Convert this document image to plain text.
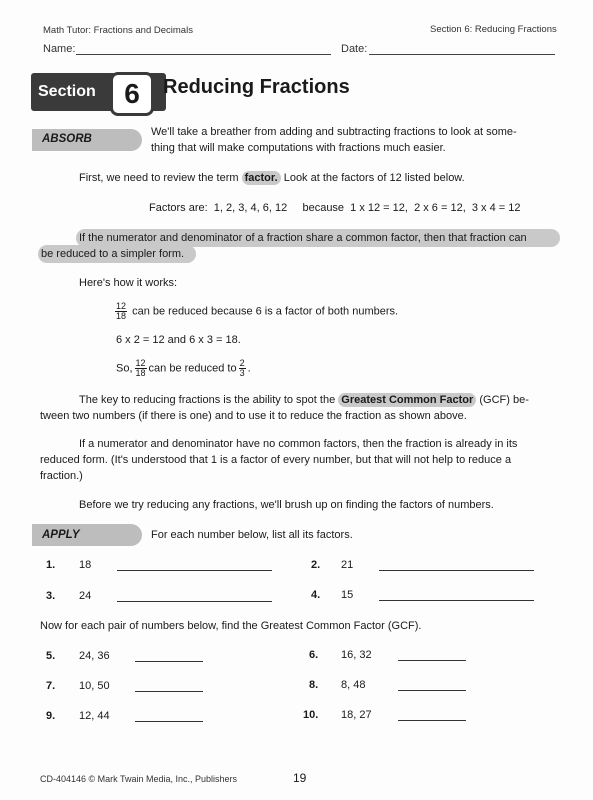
Math Tutor: Fractions and Decimals	Section 6: Reducing Fractions
Name:	Date:
Section	6	Reducing Fractions
ABSORB
We'll take a breather from adding and subtracting fractions to look at some-
thing that will make computations with fractions much easier.
First, we need to review the term factor. Look at the factors of 12 listed below.
Factors are:  1, 2, 3, 4, 6, 12     because  1 x 12 = 12,  2 x 6 = 12,  3 x 4 = 12
If the numerator and denominator of a fraction share a common factor, then that fraction can
be reduced to a simpler form.
Here's how it works:
$\frac{12}{18}$ can be reduced because 6 is a factor of both numbers.
6 x 2 = 12 and 6 x 3 = 18.
So, $\frac{12}{18}$ can be reduced to $\frac{2}{3}$ .
The key to reducing fractions is the ability to spot the Greatest Common Factor (GCF) be-
tween two numbers (if there is one) and to use it to reduce the fraction as shown above.
If a numerator and denominator have no common factors, then the fraction is already in its
reduced form. (It's understood that 1 is a factor of every number, but that will not help to reduce a
fraction.)
Before we try reducing any fractions, we'll brush up on finding the factors of numbers.
APPLY	For each number below, list all its factors.
1. 18	2. 21
3. 24	4. 15
Now for each pair of numbers below, find the Greatest Common Factor (GCF).
5. 24, 36	6. 16, 32
7. 10, 50	8. 8, 48
9. 12, 44	10. 18, 27
CD-404146 © Mark Twain Media, Inc., Publishers	19
